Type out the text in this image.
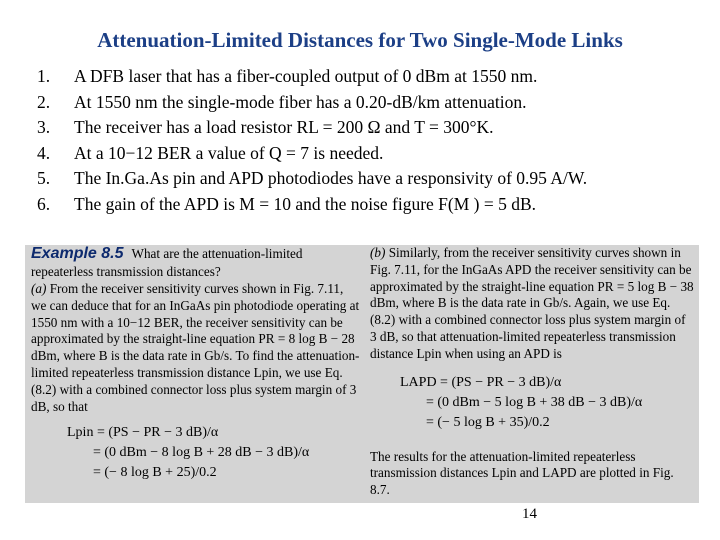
Attenuation-Limited Distances for Two Single-Mode Links
1. A DFB laser that has a fiber-coupled output of 0 dBm at 1550 nm.
2. At 1550 nm the single-mode fiber has a 0.20-dB/km attenuation.
3. The receiver has a load resistor RL = 200 Ω and T = 300°K.
4. At a 10−12 BER a value of Q = 7 is needed.
5. The In.Ga.As pin and APD photodiodes have a responsivity of 0.95 A/W.
6. The gain of the APD is M = 10 and the noise figure F(M ) = 5 dB.
Example 8.5 What are the attenuation-limited repeaterless transmission distances?
(a) From the receiver sensitivity curves shown in Fig. 7.11, we can deduce that for an InGaAs pin photodiode operating at 1550 nm with a 10−12 BER, the receiver sensitivity can be approximated by the straight-line equation PR = 8 log B − 28 dBm, where B is the data rate in Gb/s. To find the attenuation-limited repeaterless transmission distance Lpin, we use Eq. (8.2) with a combined connector loss plus system margin of 3 dB, so that
Lpin = (PS − PR − 3 dB)/α
= (0 dBm − 8 log B + 28 dB − 3 dB)/α
= (− 8 log B + 25)/0.2
(b) Similarly, from the receiver sensitivity curves shown in Fig. 7.11, for the InGaAs APD the receiver sensitivity can be approximated by the straight-line equation PR = 5 log B − 38 dBm, where B is the data rate in Gb/s. Again, we use Eq. (8.2) with a combined connector loss plus system margin of 3 dB, so that attenuation-limited repeaterless transmission distance Lpin when using an APD is
LAPD = (PS − PR − 3 dB)/α
= (0 dBm − 5 log B + 38 dB − 3 dB)/α
= (− 5 log B + 35)/0.2
The results for the attenuation-limited repeaterless transmission distances Lpin and LAPD are plotted in Fig. 8.7.
14
